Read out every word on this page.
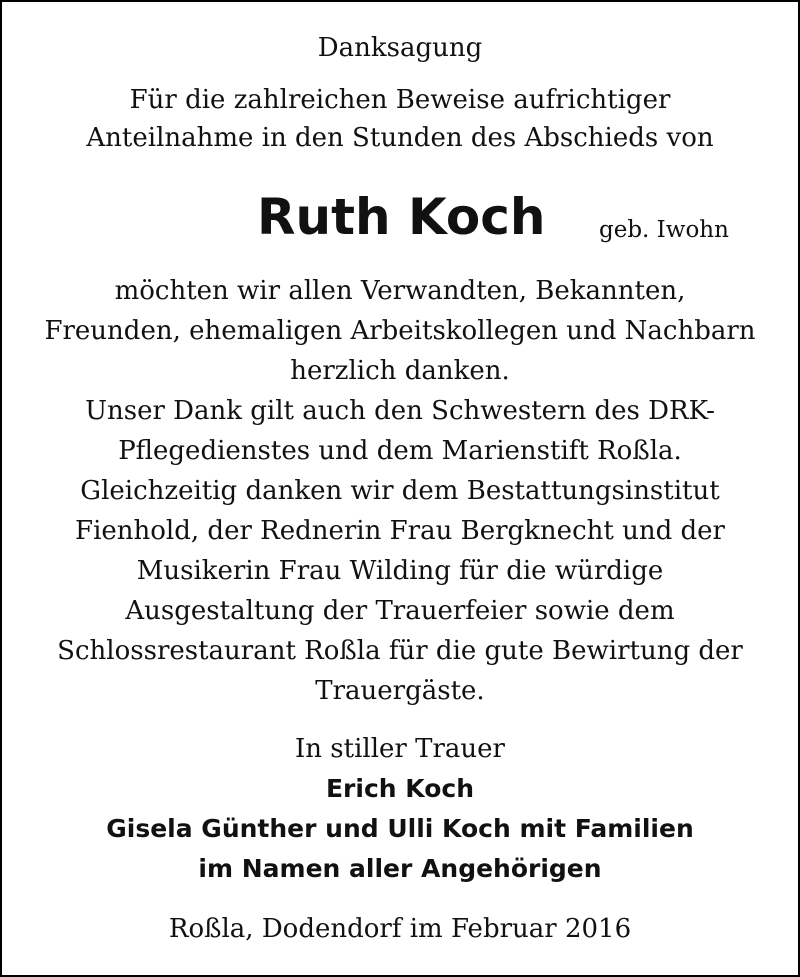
Danksagung
Für die zahlreichen Beweise aufrichtiger
Anteilnahme in den Stunden des Abschieds von
Ruth Koch geb. Iwohn
möchten wir allen Verwandten, Bekannten,
Freunden, ehemaligen Arbeitskollegen und Nachbarn
herzlich danken.
Unser Dank gilt auch den Schwestern des DRK-
Pflegedienstes und dem Marienstift Roßla.
Gleichzeitig danken wir dem Bestattungsinstitut
Fienhold, der Rednerin Frau Bergknecht und der
Musikerin Frau Wilding für die würdige
Ausgestaltung der Trauerfeier sowie dem
Schlossrestaurant Roßla für die gute Bewirtung der
Trauergäste.
In stiller Trauer
Erich Koch
Gisela Günther und Ulli Koch mit Familien
im Namen aller Angehörigen
Roßla, Dodendorf im Februar 2016
